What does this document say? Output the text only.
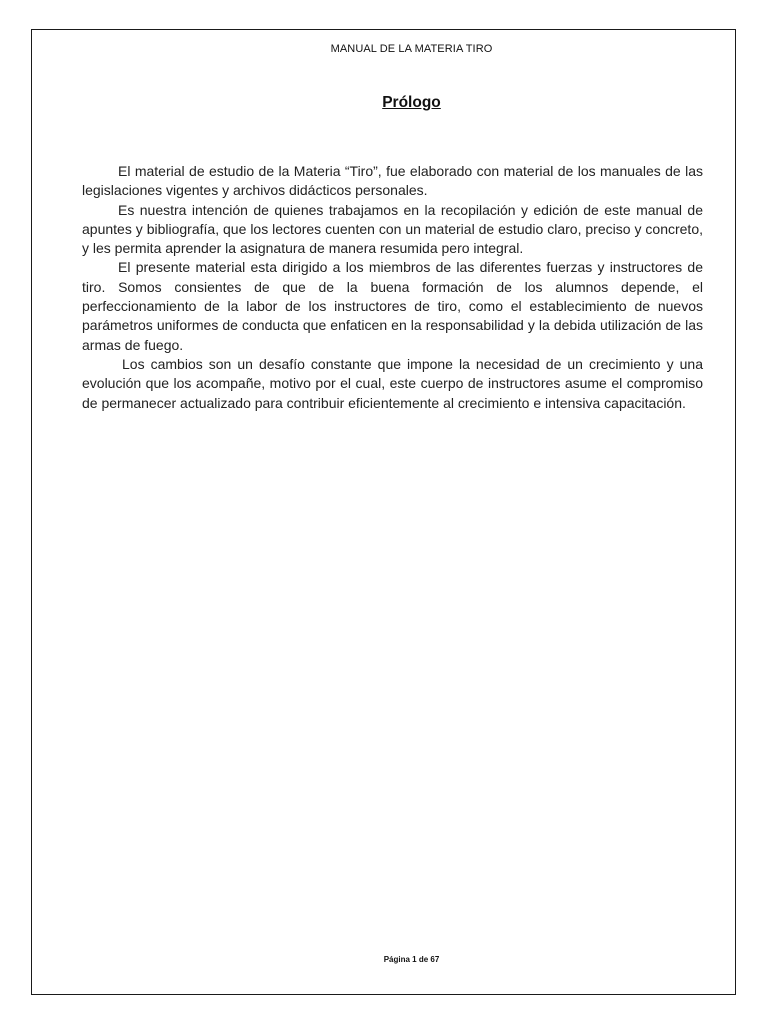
MANUAL DE LA MATERIA TIRO
Prólogo

El material de estudio de la Materia “Tiro”, fue elaborado con material de los manuales de las legislaciones vigentes y archivos didácticos personales.

Es nuestra intención de quienes trabajamos en la recopilación y edición de este manual de apuntes y bibliografía, que los lectores cuenten con un material de estudio claro, preciso y concreto, y les permita aprender la asignatura de manera resumida pero integral.

El presente material esta dirigido a los miembros de las diferentes fuerzas y instructores de tiro. Somos consientes de que de la buena formación de los alumnos depende, el perfeccionamiento de la labor de los instructores de tiro, como el establecimiento de nuevos parámetros uniformes de conducta que enfaticen en la responsabilidad y la debida utilización de las armas de fuego.

Los cambios son un desafío constante que impone la necesidad de un crecimiento y una evolución que los acompañe, motivo por el cual, este cuerpo de instructores asume el compromiso de permanecer actualizado para contribuir eficientemente al crecimiento e intensiva capacitación.

Página 1 de 67
